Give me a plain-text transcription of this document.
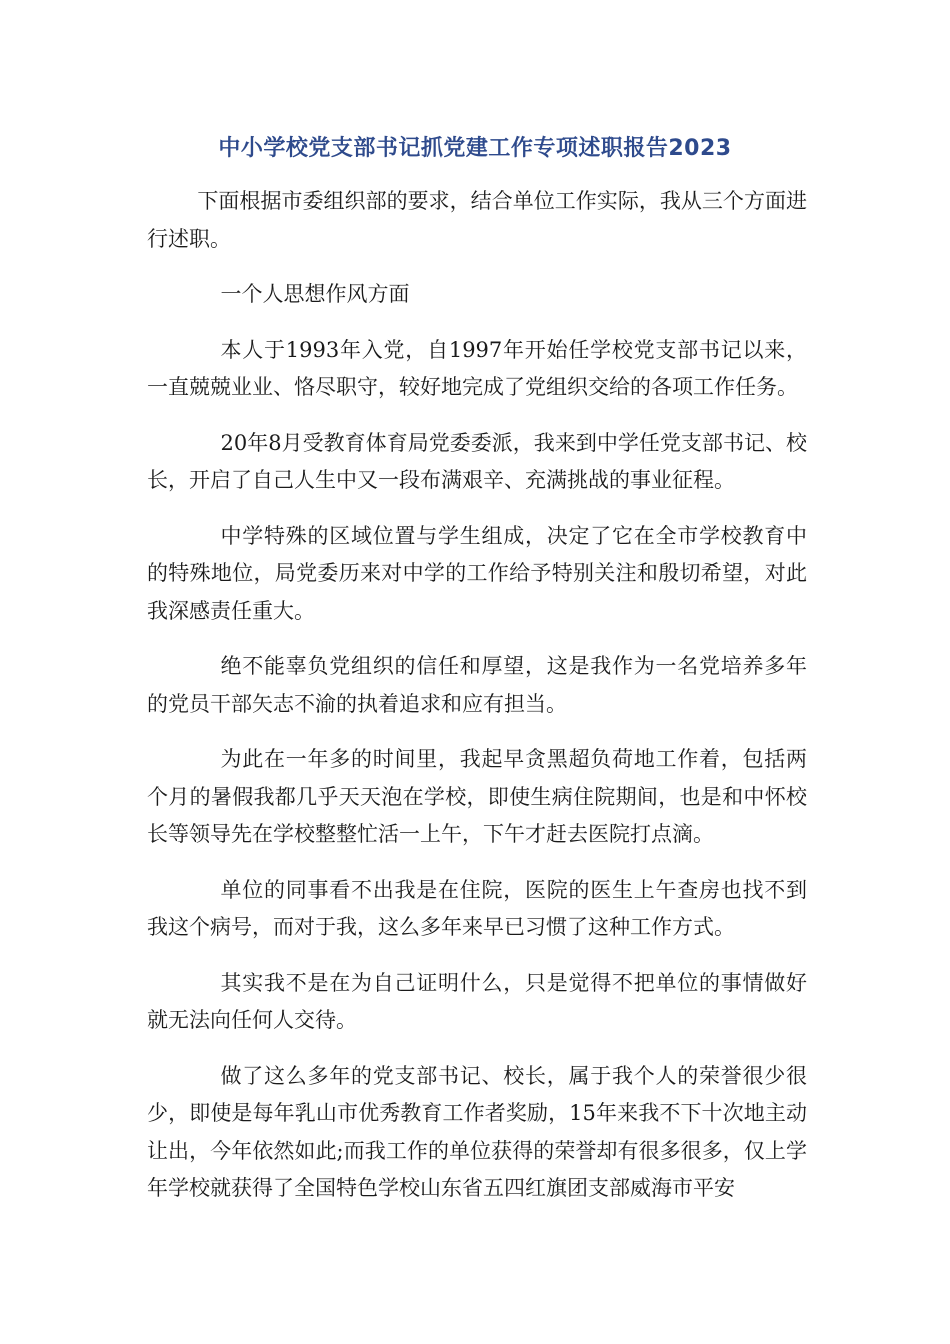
中小学校党支部书记抓党建工作专项述职报告2023

下面根据市委组织部的要求，结合单位工作实际，我从三个方面进行述职。

一个人思想作风方面

本人于1993年入党，自1997年开始任学校党支部书记以来，一直兢兢业业、恪尽职守，较好地完成了党组织交给的各项工作任务。

20年8月受教育体育局党委委派，我来到中学任党支部书记、校长，开启了自己人生中又一段布满艰辛、充满挑战的事业征程。

中学特殊的区域位置与学生组成，决定了它在全市学校教育中的特殊地位，局党委历来对中学的工作给予特别关注和殷切希望，对此我深感责任重大。

绝不能辜负党组织的信任和厚望，这是我作为一名党培养多年的党员干部矢志不渝的执着追求和应有担当。

为此在一年多的时间里，我起早贪黑超负荷地工作着，包括两个月的暑假我都几乎天天泡在学校，即使生病住院期间，也是和中怀校长等领导先在学校整整忙活一上午，下午才赶去医院打点滴。

单位的同事看不出我是在住院，医院的医生上午查房也找不到我这个病号，而对于我，这么多年来早已习惯了这种工作方式。

其实我不是在为自己证明什么，只是觉得不把单位的事情做好就无法向任何人交待。

做了这么多年的党支部书记、校长，属于我个人的荣誉很少很少，即使是每年乳山市优秀教育工作者奖励，15年来我不下十次地主动让出，今年依然如此;而我工作的单位获得的荣誉却有很多很多，仅上学年学校就获得了全国特色学校山东省五四红旗团支部威海市平安
